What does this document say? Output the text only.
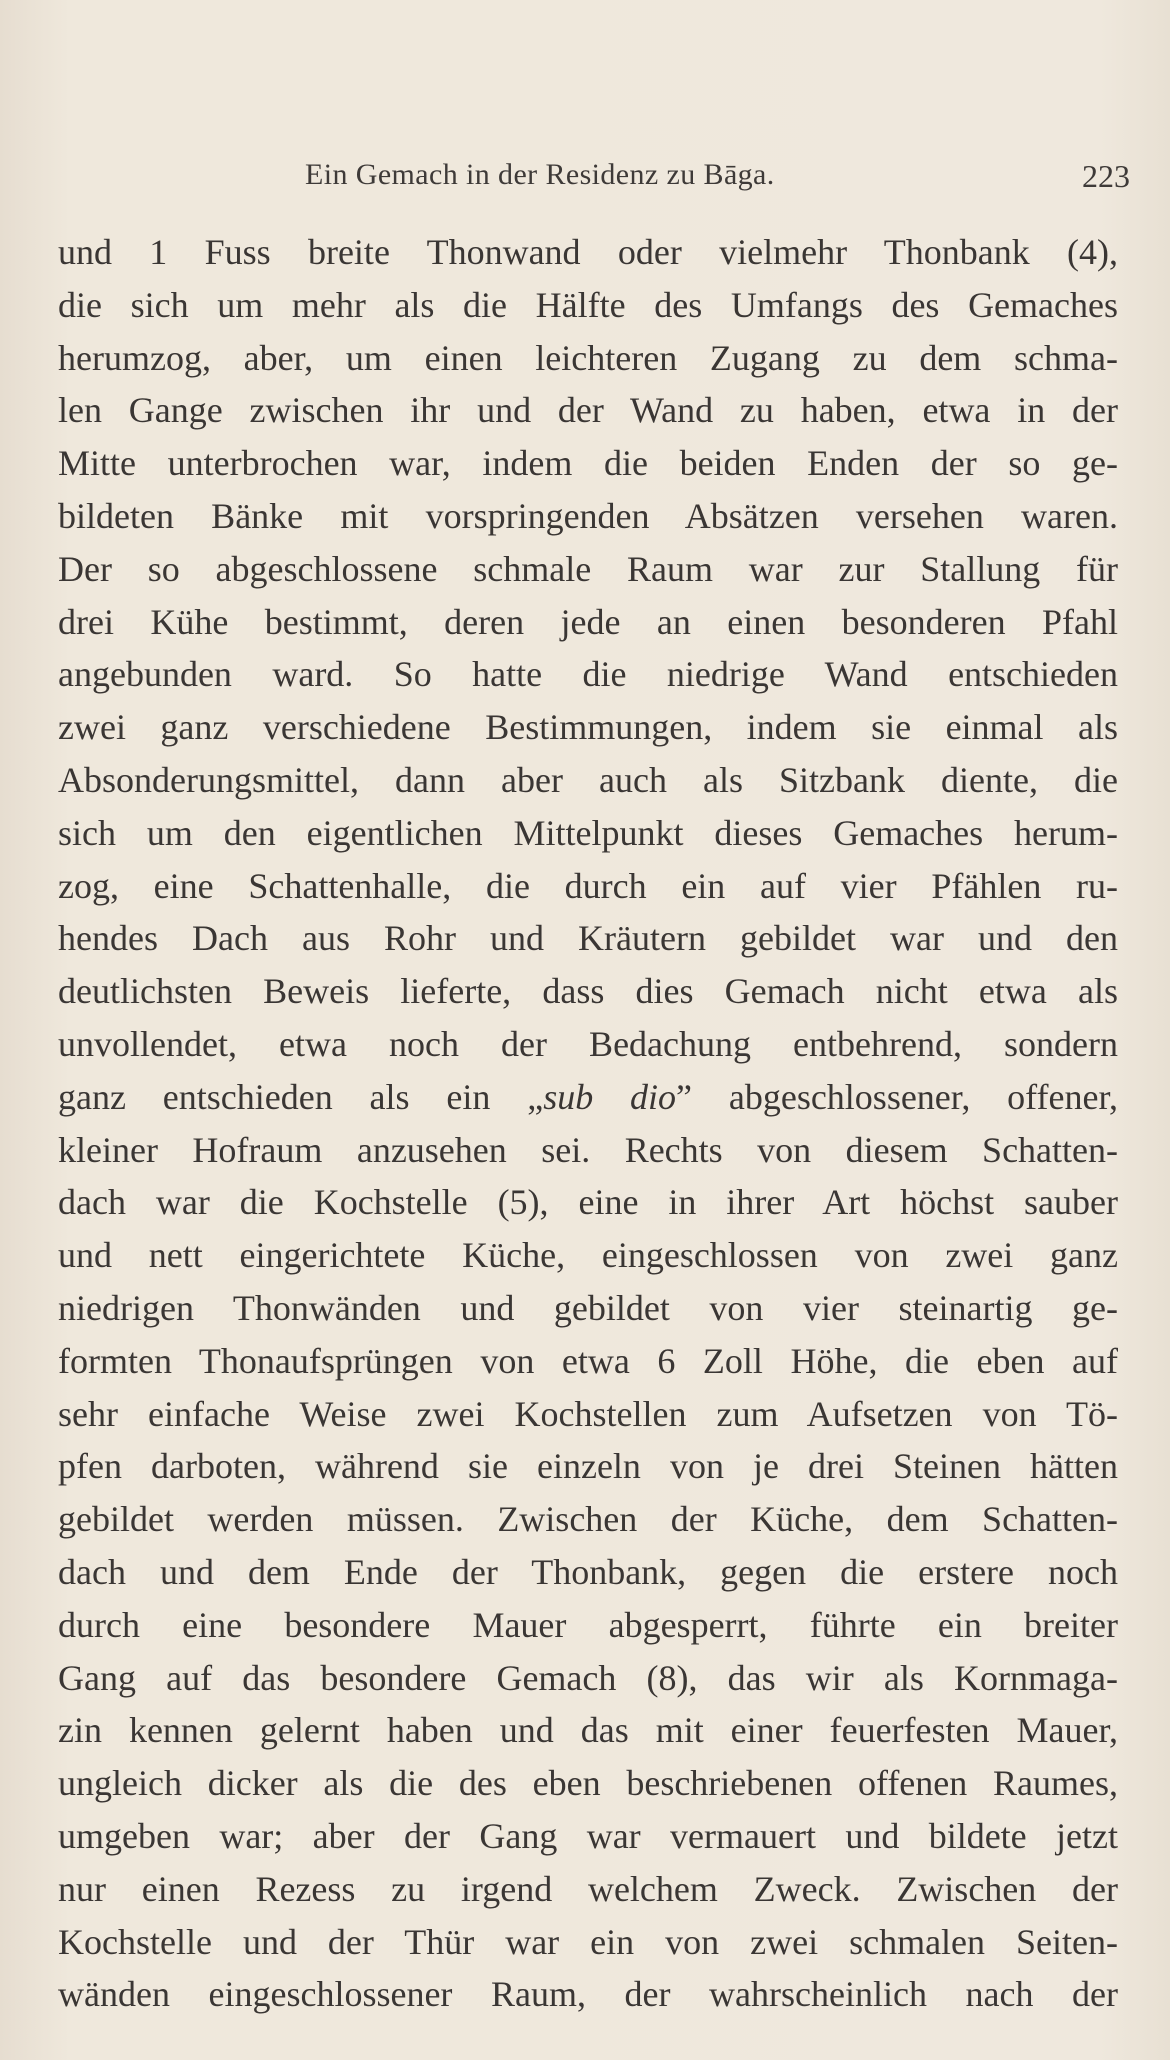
Ein Gemach in der Residenz zu Bāga.	223
und 1 Fuss breite Thonwand oder vielmehr Thonbank (4),
die sich um mehr als die Hälfte des Umfangs des Gemaches
herumzog, aber, um einen leichteren Zugang zu dem schma-
len Gange zwischen ihr und der Wand zu haben, etwa in der
Mitte unterbrochen war, indem die beiden Enden der so ge-
bildeten Bänke mit vorspringenden Absätzen versehen waren.
Der so abgeschlossene schmale Raum war zur Stallung für
drei Kühe bestimmt, deren jede an einen besonderen Pfahl
angebunden ward. So hatte die niedrige Wand entschieden
zwei ganz verschiedene Bestimmungen, indem sie einmal als
Absonderungsmittel, dann aber auch als Sitzbank diente, die
sich um den eigentlichen Mittelpunkt dieses Gemaches herum-
zog, eine Schattenhalle, die durch ein auf vier Pfählen ru-
hendes Dach aus Rohr und Kräutern gebildet war und den
deutlichsten Beweis lieferte, dass dies Gemach nicht etwa als
unvollendet, etwa noch der Bedachung entbehrend, sondern
ganz entschieden als ein „sub dio” abgeschlossener, offener,
kleiner Hofraum anzusehen sei. Rechts von diesem Schatten-
dach war die Kochstelle (5), eine in ihrer Art höchst sauber
und nett eingerichtete Küche, eingeschlossen von zwei ganz
niedrigen Thonwänden und gebildet von vier steinartig ge-
formten Thonaufsprüngen von etwa 6 Zoll Höhe, die eben auf
sehr einfache Weise zwei Kochstellen zum Aufsetzen von Tö-
pfen darboten, während sie einzeln von je drei Steinen hätten
gebildet werden müssen. Zwischen der Küche, dem Schatten-
dach und dem Ende der Thonbank, gegen die erstere noch
durch eine besondere Mauer abgesperrt, führte ein breiter
Gang auf das besondere Gemach (8), das wir als Kornmaga-
zin kennen gelernt haben und das mit einer feuerfesten Mauer,
ungleich dicker als die des eben beschriebenen offenen Raumes,
umgeben war; aber der Gang war vermauert und bildete jetzt
nur einen Rezess zu irgend welchem Zweck. Zwischen der
Kochstelle und der Thür war ein von zwei schmalen Seiten-
wänden eingeschlossener Raum, der wahrscheinlich nach der
